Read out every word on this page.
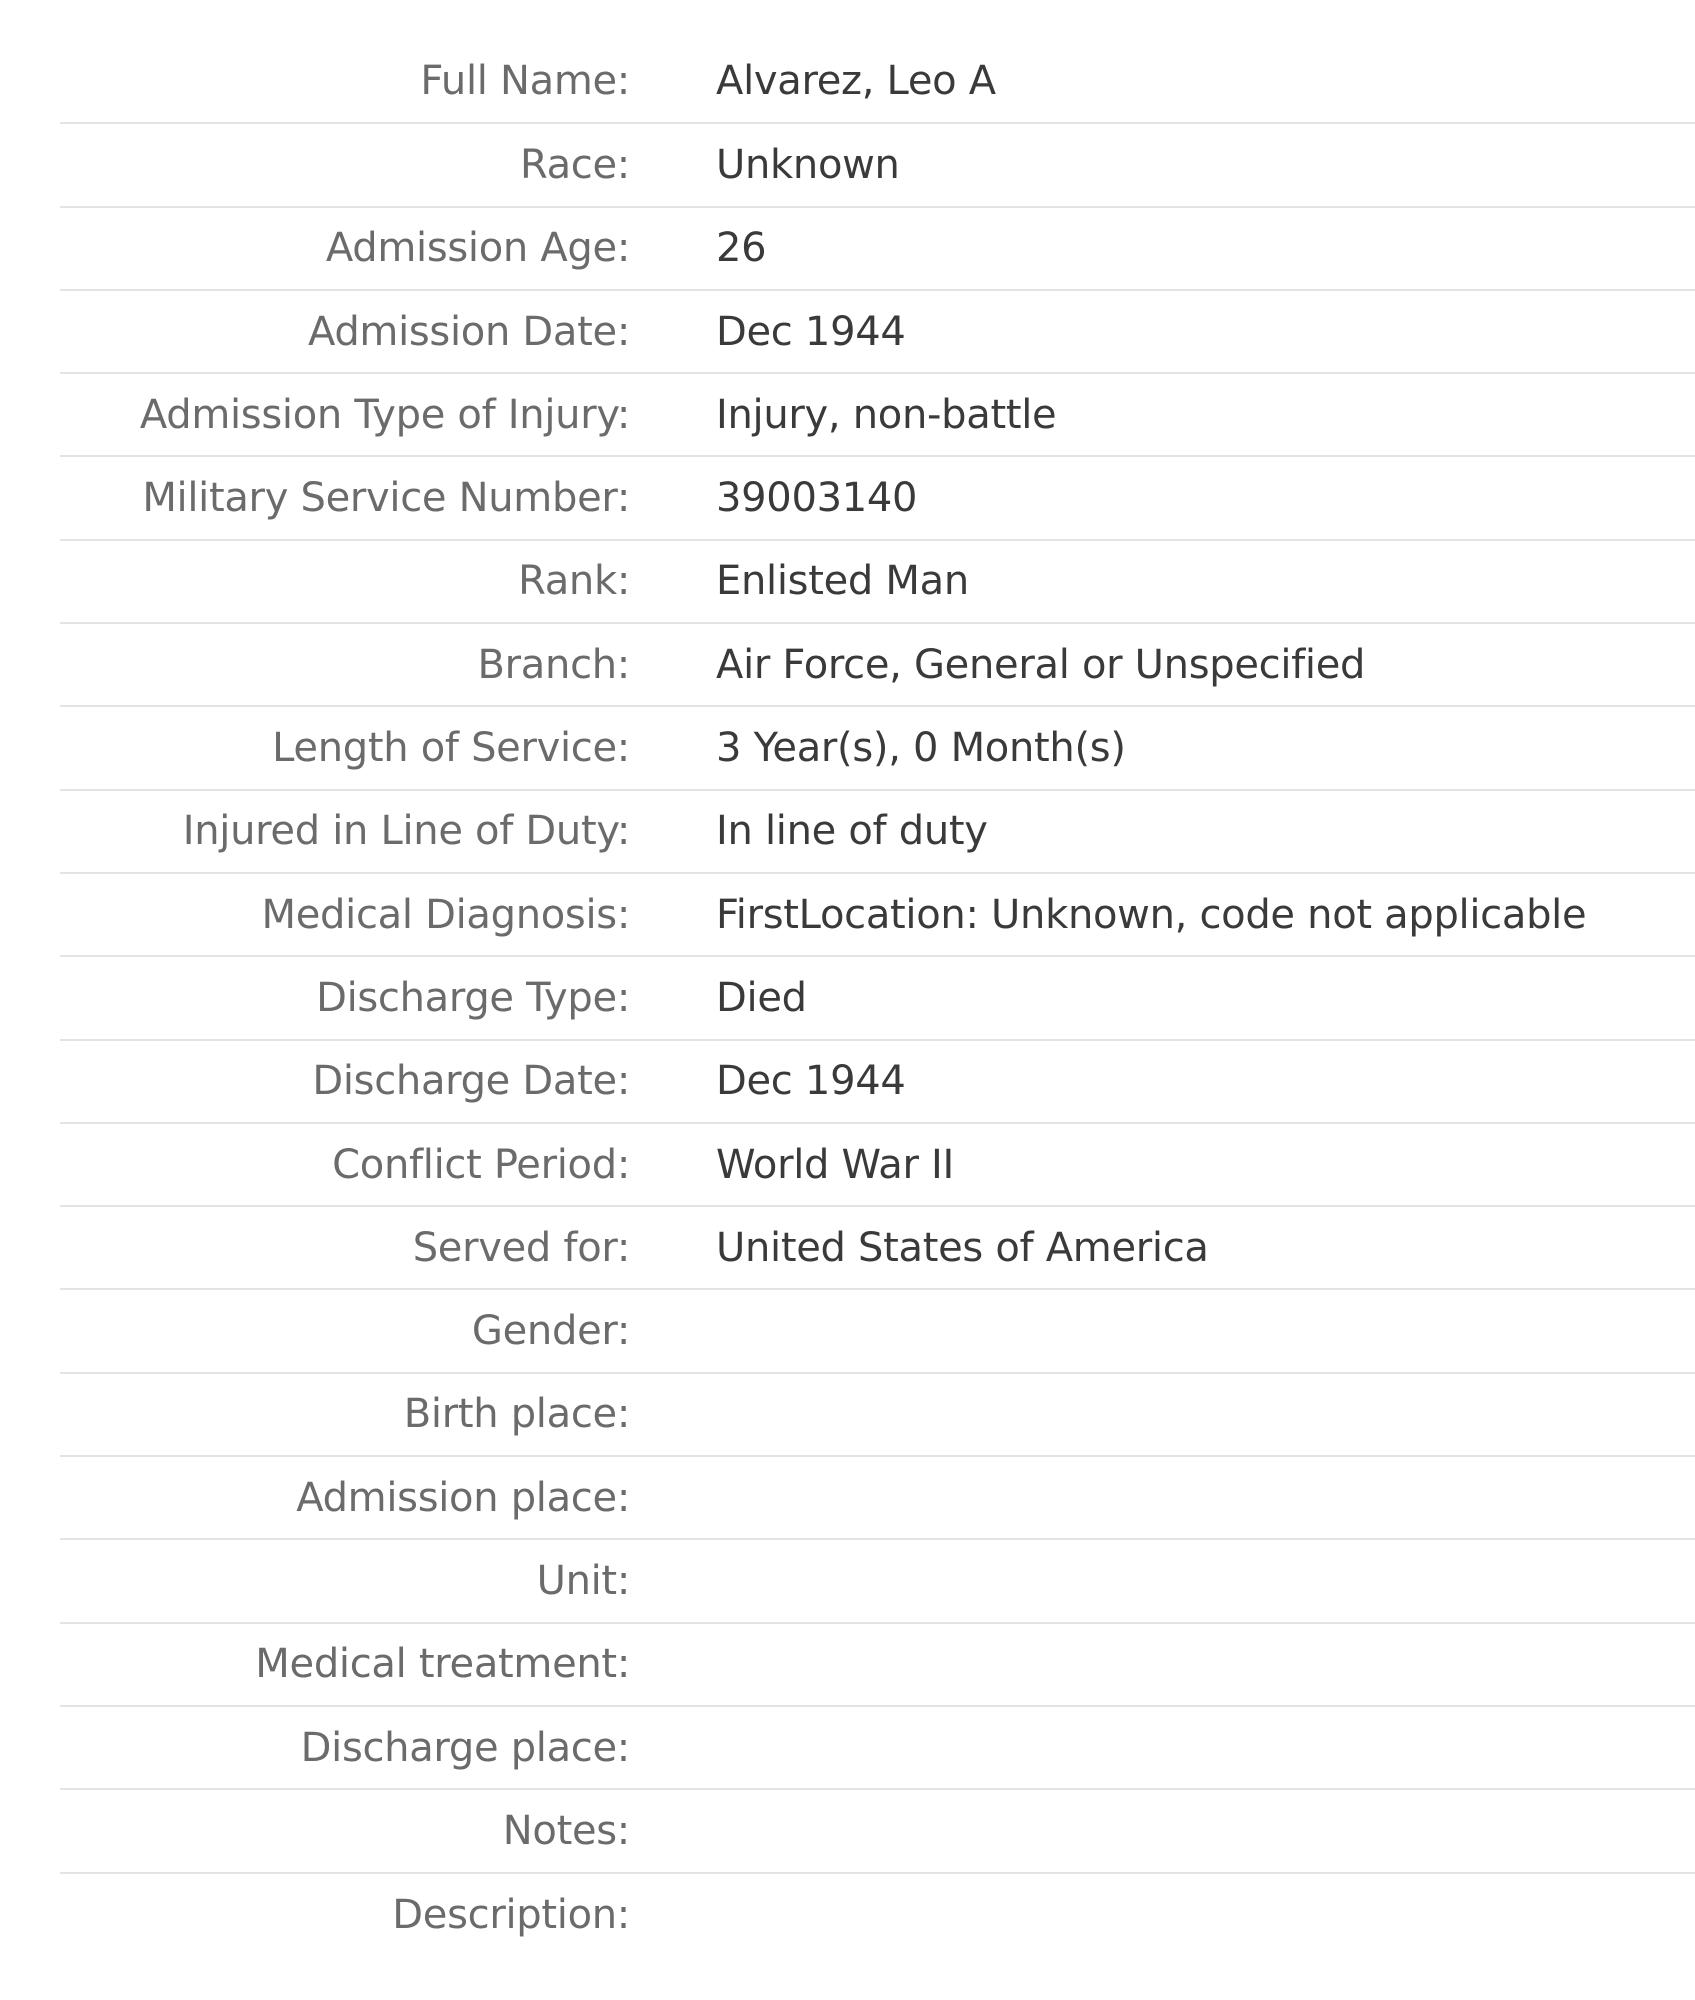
Full Name:	Alvarez, Leo A
Race:	Unknown
Admission Age:	26
Admission Date:	Dec 1944
Admission Type of Injury:	Injury, non-battle
Military Service Number:	39003140
Rank:	Enlisted Man
Branch:	Air Force, General or Unspecified
Length of Service:	3 Year(s), 0 Month(s)
Injured in Line of Duty:	In line of duty
Medical Diagnosis:	FirstLocation: Unknown, code not applicable
Discharge Type:	Died
Discharge Date:	Dec 1944
Conflict Period:	World War II
Served for:	United States of America
Gender:	
Birth place:	
Admission place:	
Unit:	
Medical treatment:	
Discharge place:	
Notes:	
Description:	
